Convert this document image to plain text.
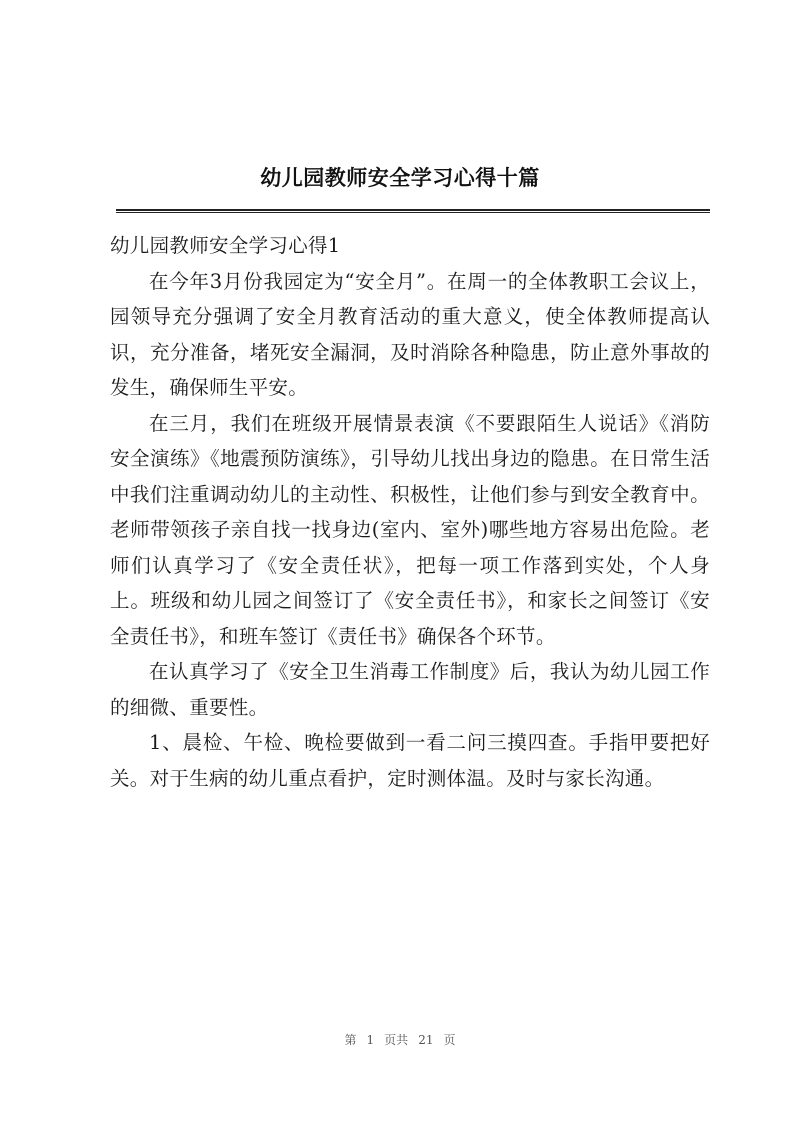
幼儿园教师安全学习心得十篇
幼儿园教师安全学习心得1

在今年3月份我园定为“安全月”。在周一的全体教职工会议上，园领导充分强调了安全月教育活动的重大意义，使全体教师提高认识，充分准备，堵死安全漏洞，及时消除各种隐患，防止意外事故的发生，确保师生平安。

在三月，我们在班级开展情景表演《不要跟陌生人说话》《消防安全演练》《地震预防演练》，引导幼儿找出身边的隐患。在日常生活中我们注重调动幼儿的主动性、积极性，让他们参与到安全教育中。老师带领孩子亲自找一找身边(室内、室外)哪些地方容易出危险。老师们认真学习了《安全责任状》，把每一项工作落到实处，个人身上。班级和幼儿园之间签订了《安全责任书》，和家长之间签订《安全责任书》，和班车签订《责任书》确保各个环节。

在认真学习了《安全卫生消毒工作制度》后，我认为幼儿园工作的细微、重要性。

1、晨检、午检、晚检要做到一看二问三摸四查。手指甲要把好关。对于生病的幼儿重点看护，定时测体温。及时与家长沟通。

第 1 页共 21 页
